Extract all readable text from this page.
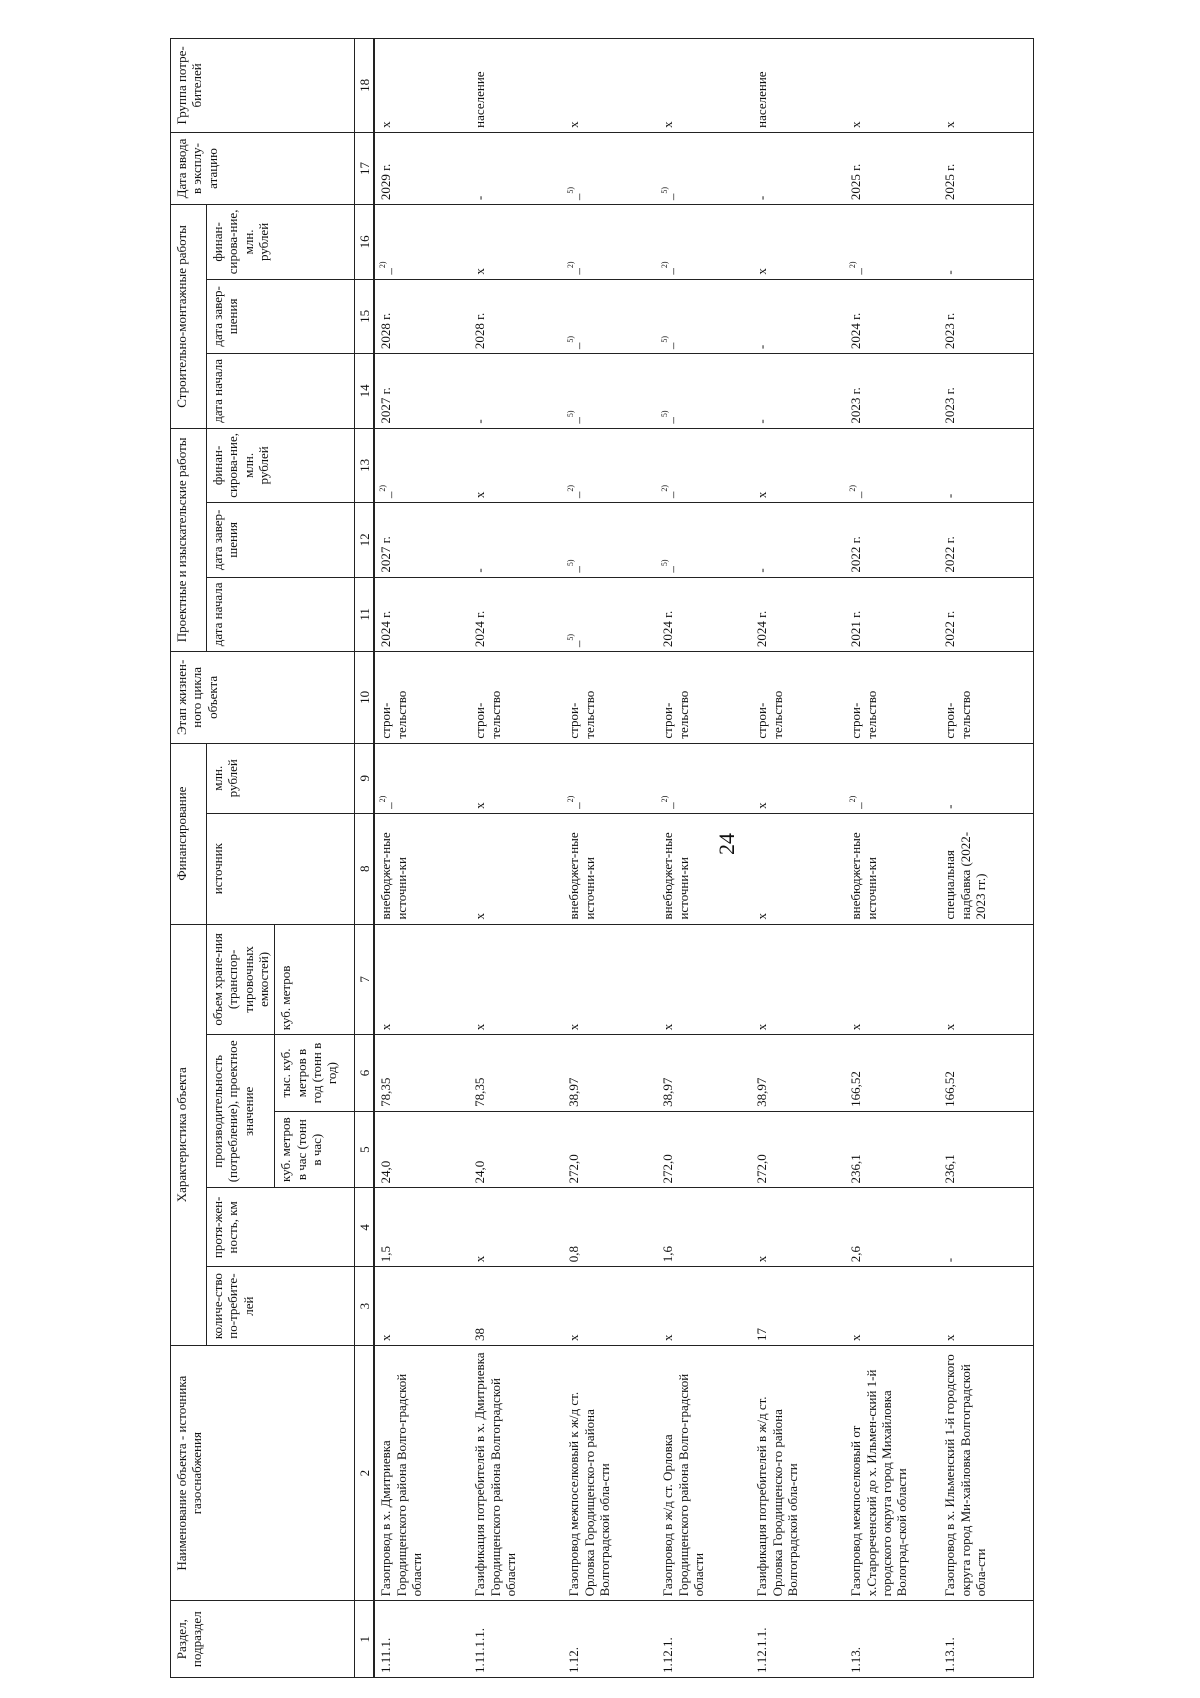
24
Раздел, подраздел	Наименование объекта - источника газоснабжения	Характеристика объекта					Финансирование		Этап жизнен-ного цикла объекта	Проектные и изыскательские работы			Строительно-монтажные работы			Дата ввода в эксплу-атацию	Группа потре-бителей
		количе-ство по-требите-лей	протя-жен-ность, км	производительность (потребление), проектное значение		объем хране-ния (транспор-тировочных емкостей)	источник	млн. рублей		дата начала	дата завер-шения	финан-сирова-ние, млн. рублей	дата начала	дата завер-шения	финан-сирова-ние, млн. рублей		
				куб. метров в час (тонн в час)	тыс. куб. метров в год (тонн в год)	куб. метров											
1	2	3	4	5	6	7	8	9	10	11	12	13	14	15	16	17	18
1.11.1.	Газопровод в х. Дмитриевка Городищенского района Волго-градской области	x	1,5	24,0	78,35	x	внебюджет-ные источни-ки	_$^{2)}$	строи-тельство	2024 г.	2027 г.	_$^{2)}$	2027 г.	2028 г.	_$^{2)}$	2029 г.	x
1.11.1.1.	Газификация потребителей в х. Дмитриевка Городищенского района Волгоградской области	38	x	24,0	78,35	x	x	x	строи-тельство	2024 г.	-	x	-	2028 г.	x	-	население
1.12.	Газопровод межпоселковый к ж/д ст. Орловка Городищенско-го района Волгоградской обла-сти	x	0,8	272,0	38,97	x	внебюджет-ные источни-ки	_$^{2)}$	строи-тельство	_$^{5)}$	_$^{5)}$	_$^{2)}$	_$^{5)}$	_$^{5)}$	_$^{2)}$	_$^{5)}$	x
1.12.1.	Газопровод в ж/д ст. Орловка Городищенского района Волго-градской области	x	1,6	272,0	38,97	x	внебюджет-ные источни-ки	_$^{2)}$	строи-тельство	2024 г.	_$^{5)}$	_$^{2)}$	_$^{5)}$	_$^{5)}$	_$^{2)}$	_$^{5)}$	x
1.12.1.1.	Газификация потребителей в ж/д ст. Орловка Городищенско-го района Волгоградской обла-сти	17	x	272,0	38,97	x	x	x	строи-тельство	2024 г.	-	x	-	-	x	-	население
1.13.	Газопровод межпоселковый от х.Старореченский до х. Ильмен-ский 1-й городского округа город Михайловка Волоград-ской области	x	2,6	236,1	166,52	x	внебюджет-ные источни-ки	_$^{2)}$	строи-тельство	2021 г.	2022 г.	_$^{2)}$	2023 г.	2024 г.	_$^{2)}$	2025 г.	x
1.13.1.	Газопровод в х. Ильменский 1-й городского округа город Ми-хайловка Волгоградской обла-сти	x	-	236,1	166,52	x	специальная надбавка (2022-2023 гг.)	-	строи-тельство	2022 г.	2022 г.	-	2023 г.	2023 г.	-	2025 г.	x
